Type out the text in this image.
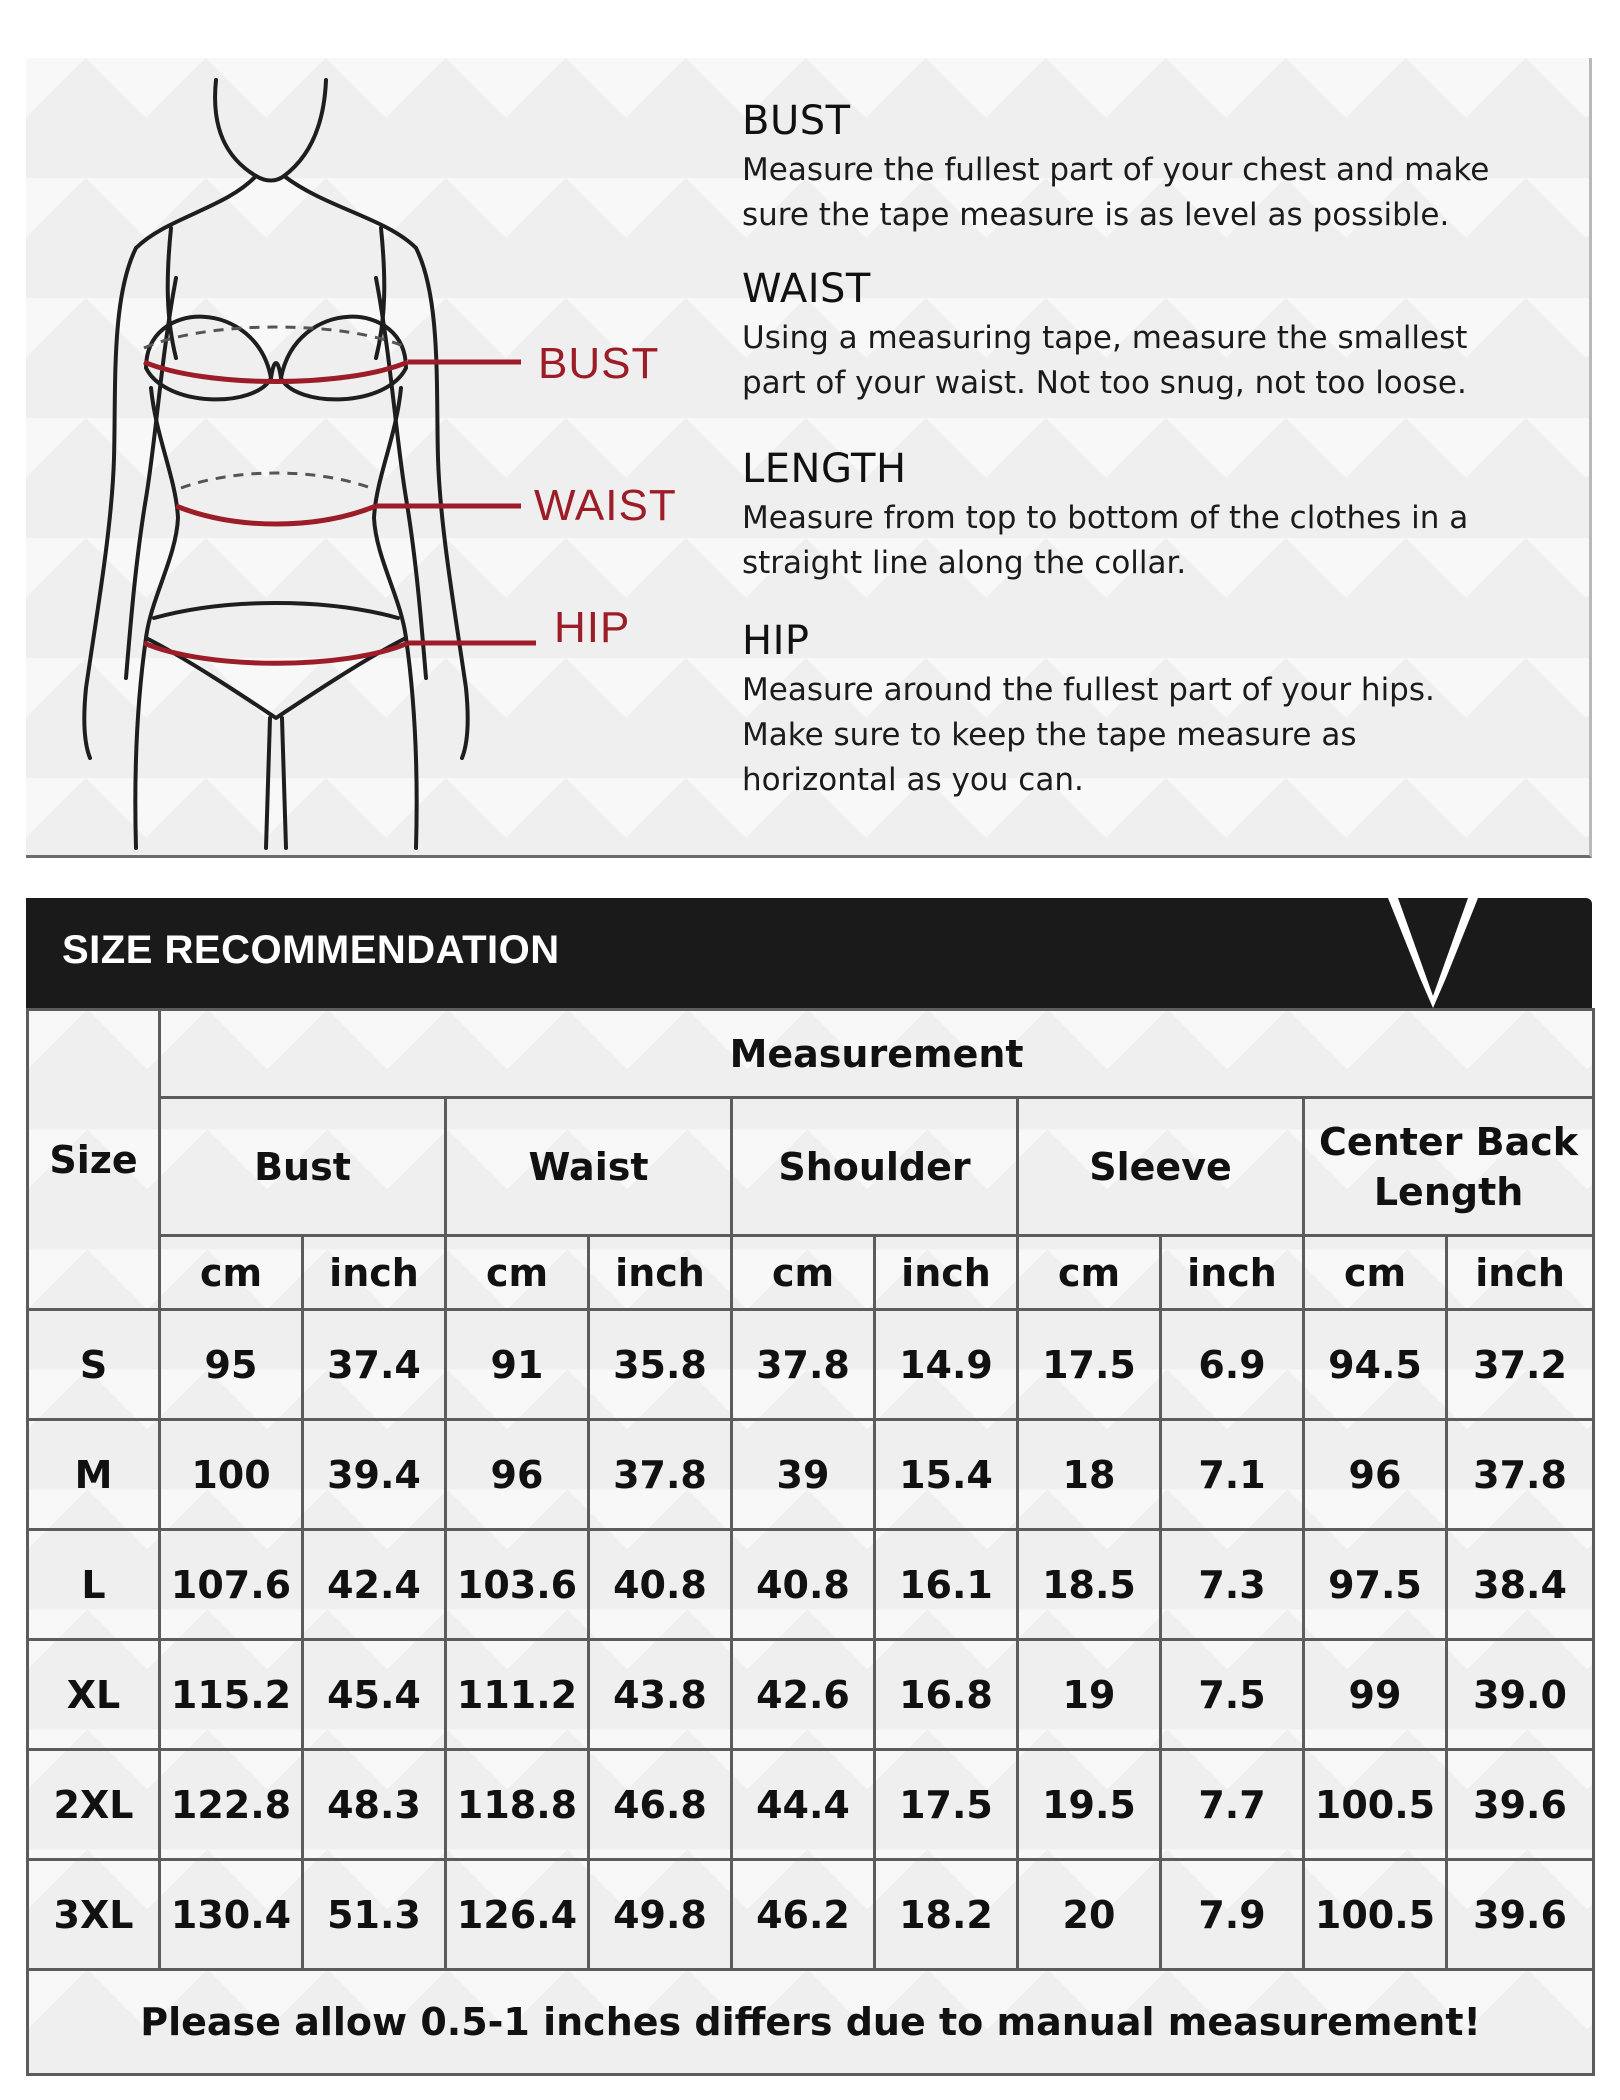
BUST
WAIST
HIP
BUST

Measure the fullest part of your chest and make
sure the tape measure is as level as possible.

WAIST

Using a measuring tape, measure the smallest
part of your waist. Not too snug, not too loose.

LENGTH

Measure from top to bottom of the clothes in a
straight line along the collar.

HIP

Measure around the fullest part of your hips.
Make sure to keep the tape measure as
horizontal as you can.

SIZE RECOMMENDATION
Size	Measurement									
	Bust		Waist		Shoulder		Sleeve		Center Back Length	
	cm	inch	cm	inch	cm	inch	cm	inch	cm	inch
S	95	37.4	91	35.8	37.8	14.9	17.5	6.9	94.5	37.2
M	100	39.4	96	37.8	39	15.4	18	7.1	96	37.8
L	107.6	42.4	103.6	40.8	40.8	16.1	18.5	7.3	97.5	38.4
XL	115.2	45.4	111.2	43.8	42.6	16.8	19	7.5	99	39.0
2XL	122.8	48.3	118.8	46.8	44.4	17.5	19.5	7.7	100.5	39.6
3XL	130.4	51.3	126.4	49.8	46.2	18.2	20	7.9	100.5	39.6
Please allow 0.5-1 inches differs due to manual measurement!										
